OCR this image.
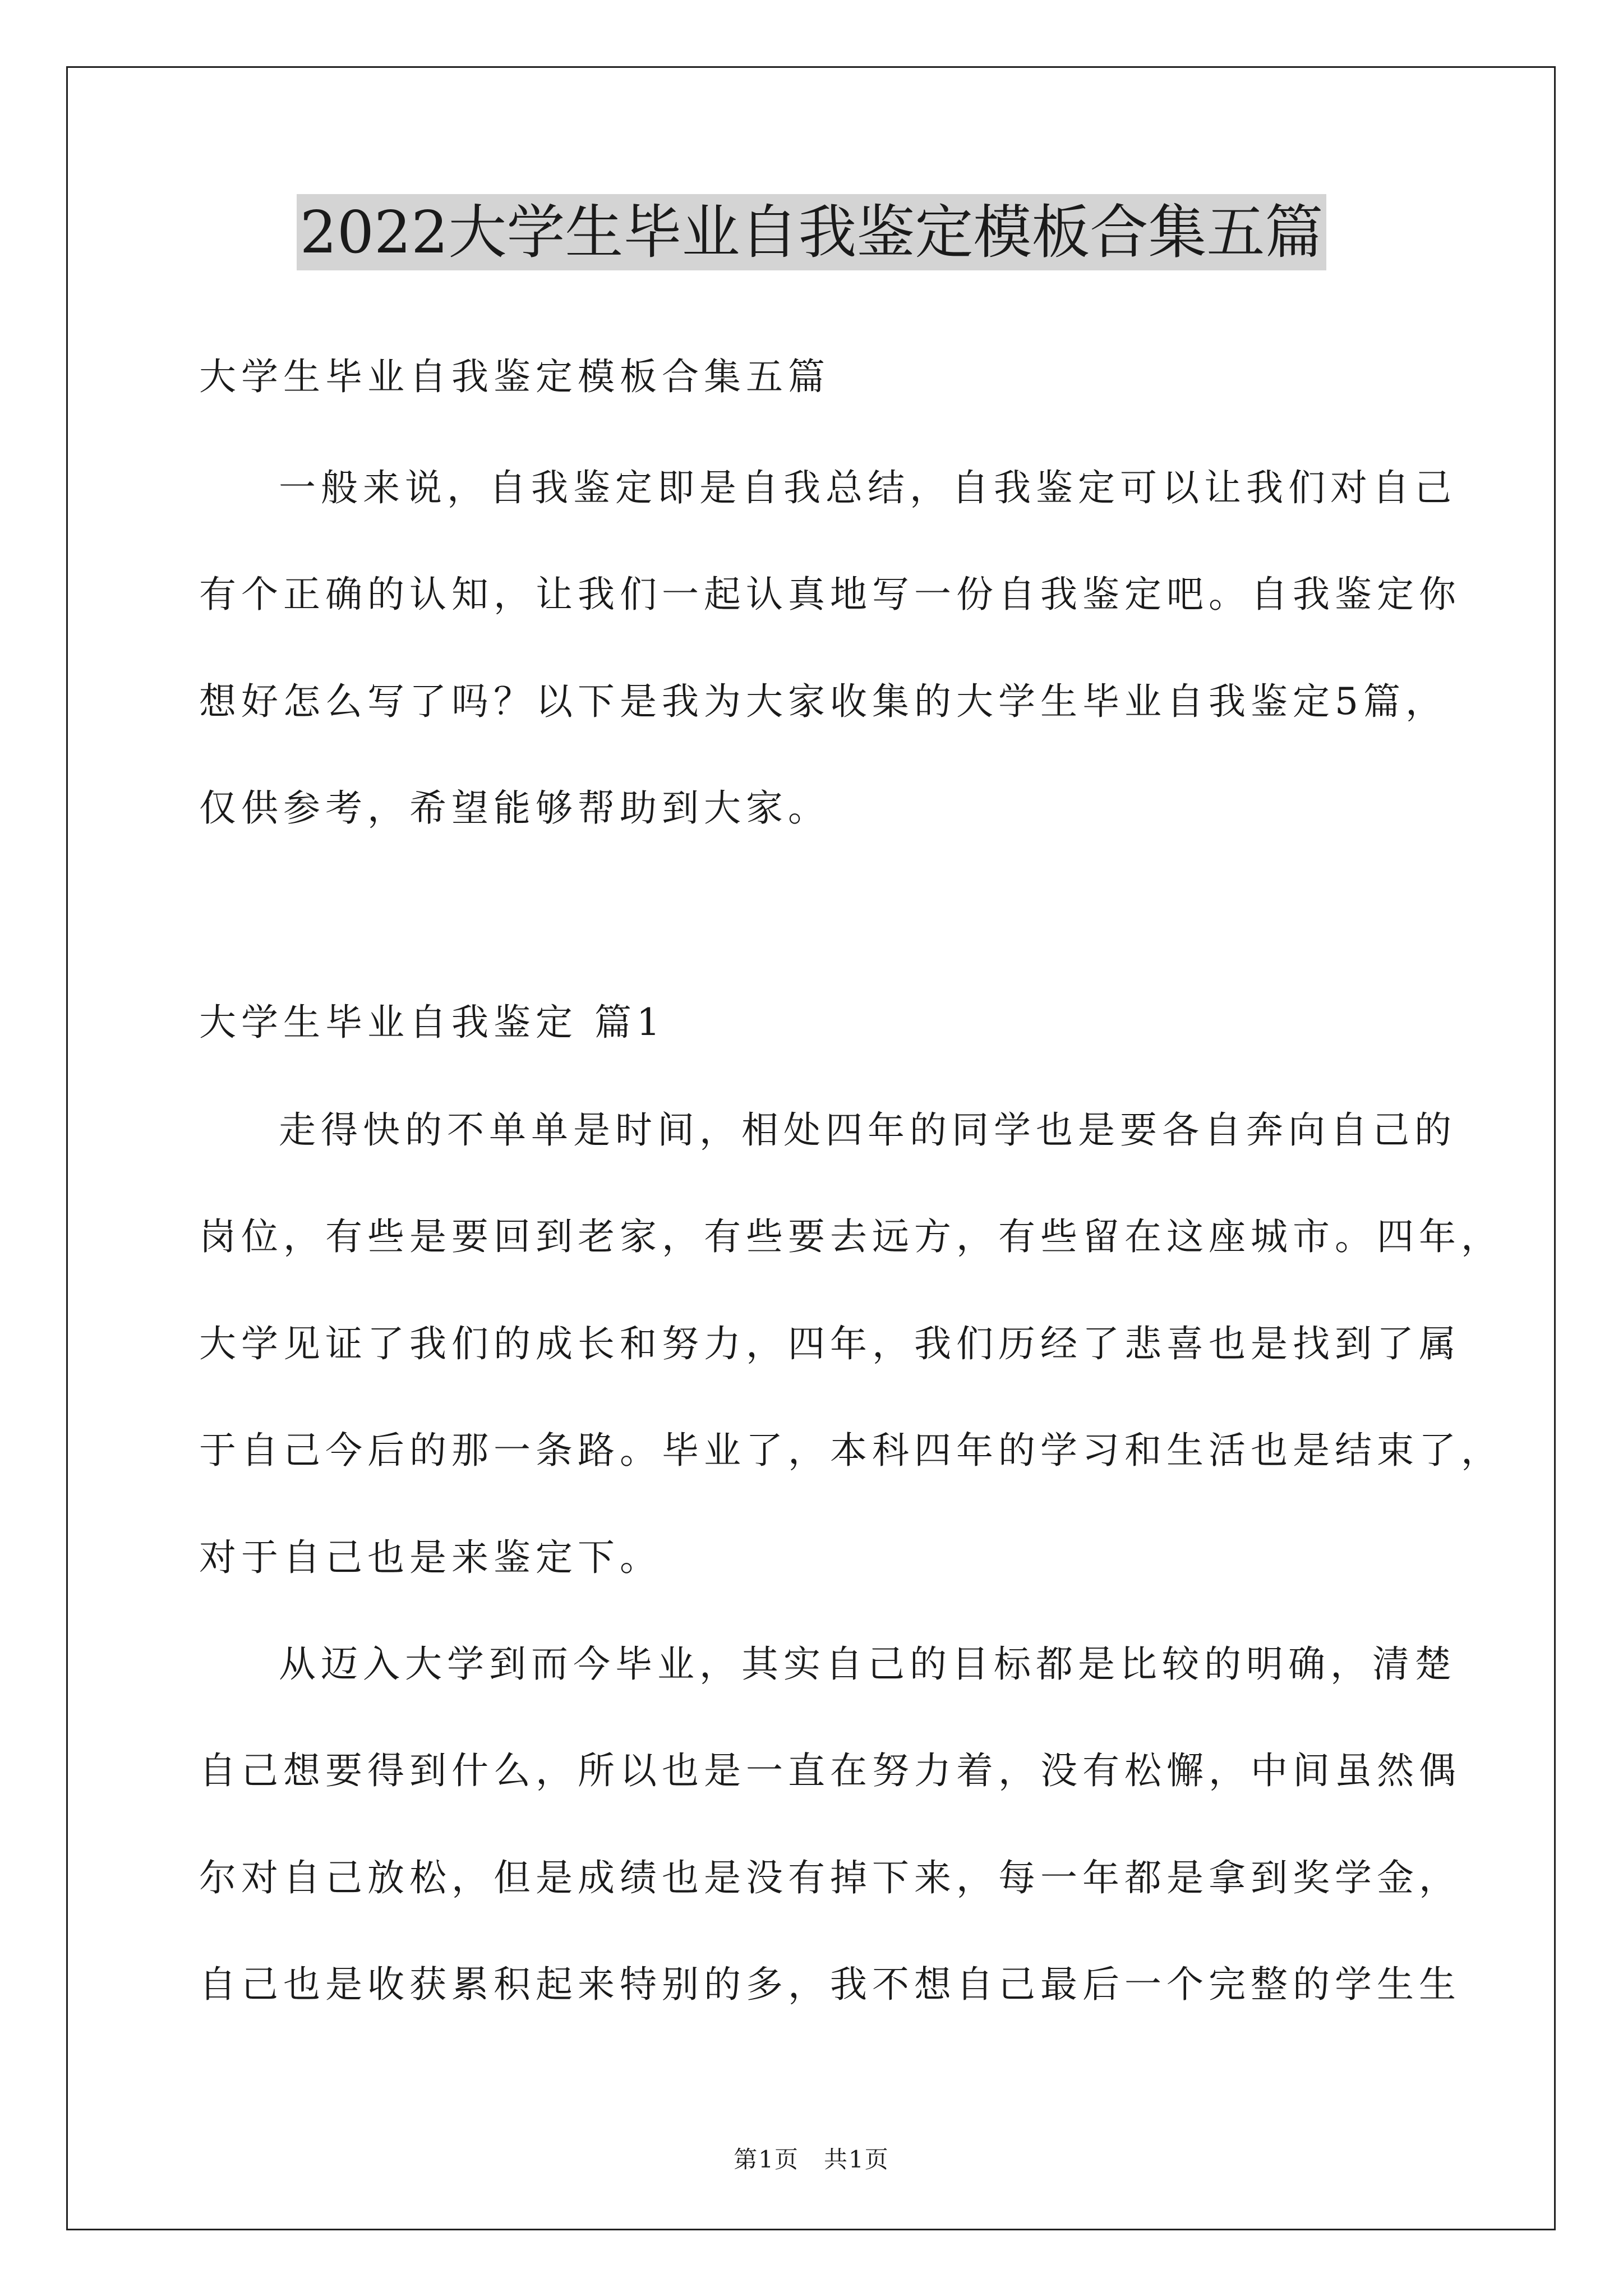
2022大学生毕业自我鉴定模板合集五篇
大学生毕业自我鉴定模板合集五篇
一般来说，自我鉴定即是自我总结，自我鉴定可以让我们对自己
有个正确的认知，让我们一起认真地写一份自我鉴定吧。自我鉴定你
想好怎么写了吗？以下是我为大家收集的大学生毕业自我鉴定5篇，
仅供参考，希望能够帮助到大家。
大学生毕业自我鉴定 篇1
走得快的不单单是时间，相处四年的同学也是要各自奔向自己的
岗位，有些是要回到老家，有些要去远方，有些留在这座城市。四年，
大学见证了我们的成长和努力，四年，我们历经了悲喜也是找到了属
于自己今后的那一条路。毕业了，本科四年的学习和生活也是结束了，
对于自己也是来鉴定下。
从迈入大学到而今毕业，其实自己的目标都是比较的明确，清楚
自己想要得到什么，所以也是一直在努力着，没有松懈，中间虽然偶
尔对自己放松，但是成绩也是没有掉下来，每一年都是拿到奖学金，
自己也是收获累积起来特别的多，我不想自己最后一个完整的学生生
第1页 共1页
